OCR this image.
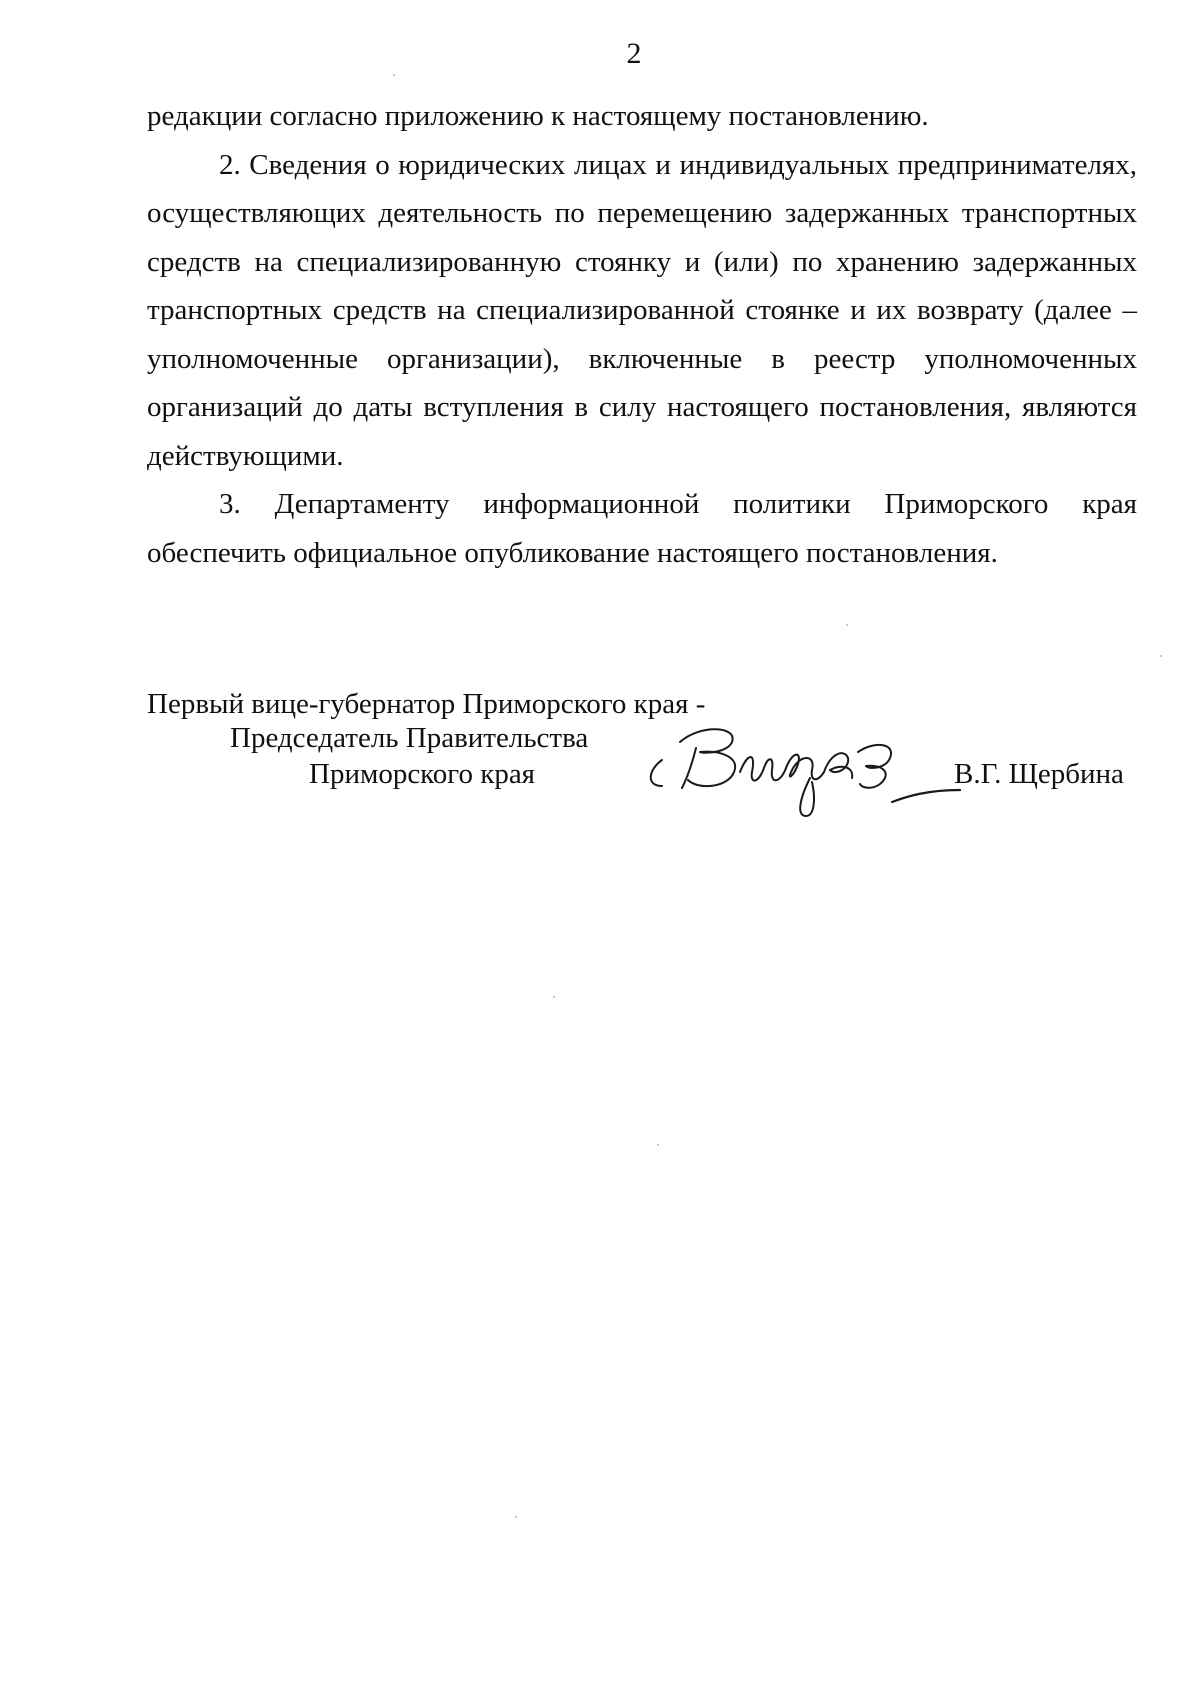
2

редакции согласно приложению к настоящему постановлению.

2. Сведения о юридических лицах и индивидуальных предпринимателях, осуществляющих деятельность по перемещению задержанных транспортных средств на специализированную стоянку и (или) по хранению задержанных транспортных средств на специализированной стоянке и их возврату (далее – уполномоченные организации), включенные в реестр уполномоченных организаций до даты вступления в силу настоящего постановления, являются действующими.

3. Департаменту информационной политики Приморского края обеспечить официальное опубликование настоящего постановления.

Первый вице-губернатор Приморского края -
Председатель Правительства
Приморского края	В.Г. Щербина
